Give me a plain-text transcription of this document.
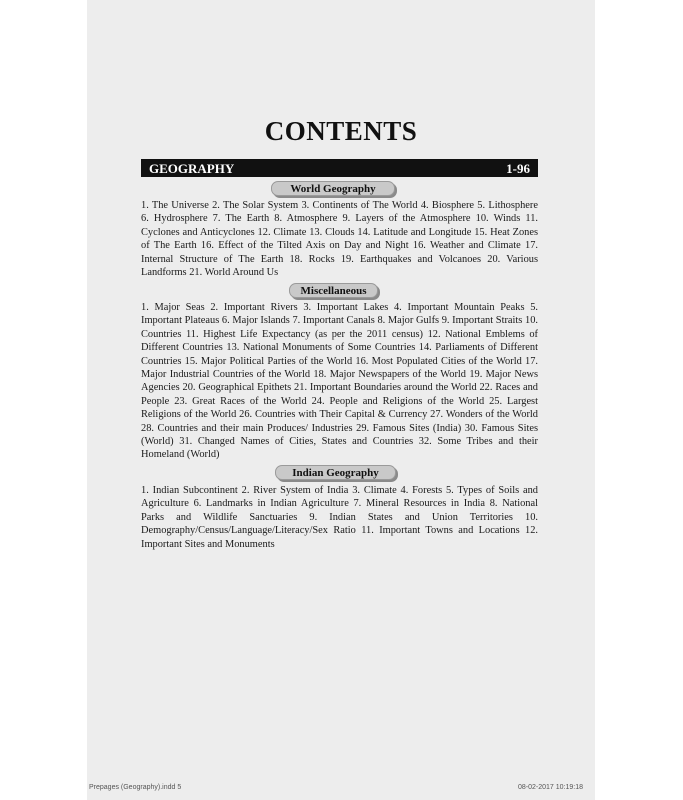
CONTENTS
GEOGRAPHY	1-96
World Geography

1. The Universe 2. The Solar System 3. Continents of The World 4. Biosphere 5. Lithosphere 6. Hydrosphere 7. The Earth 8. Atmosphere 9. Layers of the Atmosphere 10. Winds 11. Cyclones and Anticyclones 12. Climate 13. Clouds 14. Latitude and Longitude 15. Heat Zones of The Earth 16. Effect of the Tilted Axis on Day and Night 16. Weather and Climate 17. Internal Structure of The Earth 18. Rocks 19. Earthquakes and Volcanoes 20. Various Landforms 21. World Around Us

Miscellaneous

1. Major Seas 2. Important Rivers 3. Important Lakes 4. Important Mountain Peaks 5. Important Plateaus 6. Major Islands 7. Important Canals 8. Major Gulfs 9. Important Straits 10. Countries 11. Highest Life Expectancy (as per the 2011 census) 12. National Emblems of Different Countries 13. National Monuments of Some Countries 14. Parliaments of Different Countries 15. Major Political Parties of the World 16. Most Populated Cities of the World 17. Major Industrial Countries of the World 18. Major Newspapers of the World 19. Major News Agencies 20. Geographical Epithets 21. Important Boundaries around the World 22. Races and People 23. Great Races of the World 24. People and Religions of the World 25. Largest Religions of the World 26. Countries with Their Capital & Currency 27. Wonders of the World 28. Countries and their main Produces/ Industries 29. Famous Sites (India) 30. Famous Sites (World) 31. Changed Names of Cities, States and Countries 32. Some Tribes and their Homeland (World)

Indian Geography

1. Indian Subcontinent 2. River System of India 3. Climate 4. Forests 5. Types of Soils and Agriculture 6. Landmarks in Indian Agriculture 7. Mineral Resources in India 8. National Parks and Wildlife Sanctuaries 9. Indian States and Union Territories 10. Demography/Census/Language/Literacy/Sex Ratio 11. Important Towns and Locations 12. Important Sites and Monuments

Prepages (Geography).indd 5	08-02-2017 10:19:18
